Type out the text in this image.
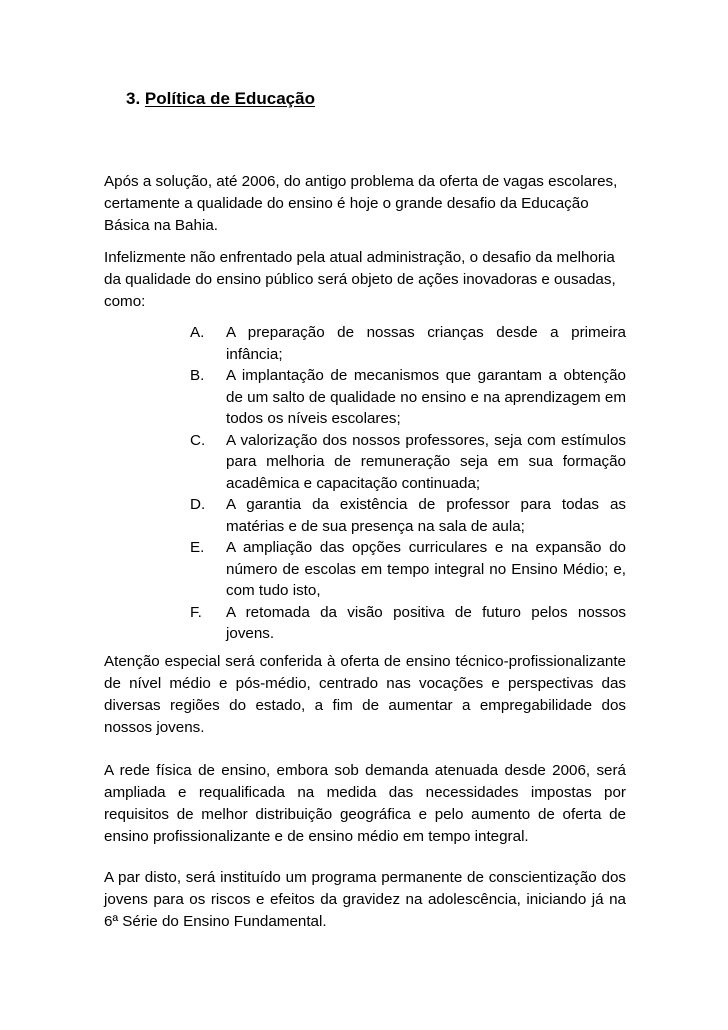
3. Política de Educação

Após a solução, até 2006, do antigo problema da oferta de vagas escolares, certamente a qualidade do ensino é hoje o grande desafio da Educação Básica na Bahia.

Infelizmente não enfrentado pela atual administração, o desafio da melhoria da qualidade do ensino público será objeto de ações inovadoras e ousadas, como:

A. A preparação de nossas crianças desde a primeira infância;
B. A implantação de mecanismos que garantam a obtenção de um salto de qualidade no ensino e na aprendizagem em todos os níveis escolares;
C. A valorização dos nossos professores, seja com estímulos para melhoria de remuneração seja em sua formação acadêmica e capacitação continuada;
D. A garantia da existência de professor para todas as matérias e de sua presença na sala de aula;
E. A ampliação das opções curriculares e na expansão do número de escolas em tempo integral no Ensino Médio; e, com tudo isto,
F. A retomada da visão positiva de futuro pelos nossos jovens.

Atenção especial será conferida à oferta de ensino técnico-profissionalizante de nível médio e pós-médio, centrado nas vocações e perspectivas das diversas regiões do estado, a fim de aumentar a empregabilidade dos nossos jovens.

A rede física de ensino, embora sob demanda atenuada desde 2006, será ampliada e requalificada na medida das necessidades impostas por requisitos de melhor distribuição geográfica e pelo aumento de oferta de ensino profissionalizante e de ensino médio em tempo integral.

A par disto, será instituído um programa permanente de conscientização dos jovens para os riscos e efeitos da gravidez na adolescência, iniciando já na 6ª Série do Ensino Fundamental.
